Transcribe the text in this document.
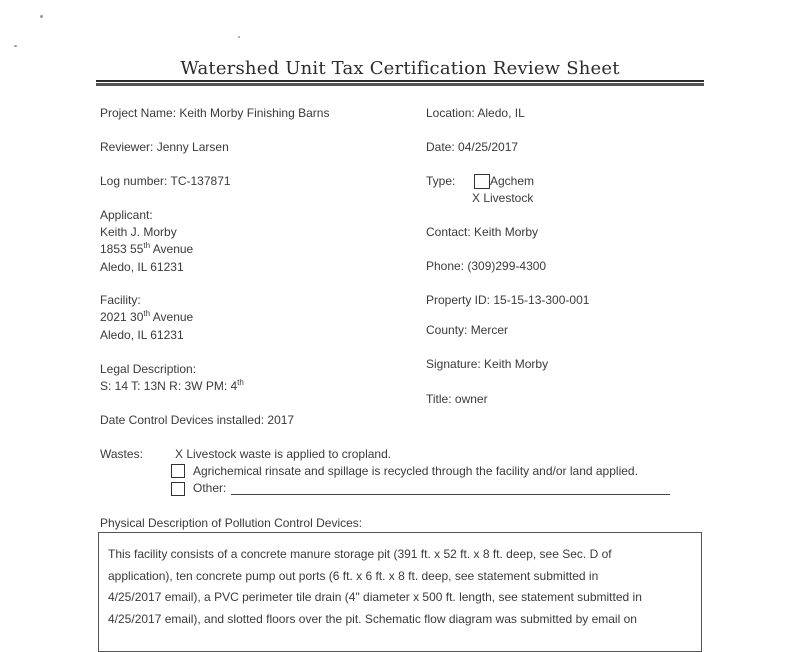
Watershed Unit Tax Certification Review Sheet
Project Name: Keith Morby Finishing Barns
Reviewer: Jenny Larsen
Log number: TC-137871
Applicant:
Keith J. Morby
1853 55th Avenue
Aledo, IL 61231
Facility:
2021 30th Avenue
Aledo, IL 61231
Legal Description:
S: 14 T: 13N R: 3W PM: 4th
Date Control Devices installed: 2017
Location: Aledo, IL
Date: 04/25/2017
Type:	Agchem
X Livestock
Contact: Keith Morby
Phone: (309)299-4300
Property ID: 15-15-13-300-001
County: Mercer
Signature: Keith Morby
Title: owner
Wastes:	X Livestock waste is applied to cropland.
Agrichemical rinsate and spillage is recycled through the facility and/or land applied.
Other:
Physical Description of Pollution Control Devices:
This facility consists of a concrete manure storage pit (391 ft. x 52 ft. x 8 ft. deep, see Sec. D of
application), ten concrete pump out ports (6 ft. x 6 ft. x 8 ft. deep, see statement submitted in
4/25/2017 email), a PVC perimeter tile drain (4" diameter x 500 ft. length, see statement submitted in
4/25/2017 email), and slotted floors over the pit. Schematic flow diagram was submitted by email on
